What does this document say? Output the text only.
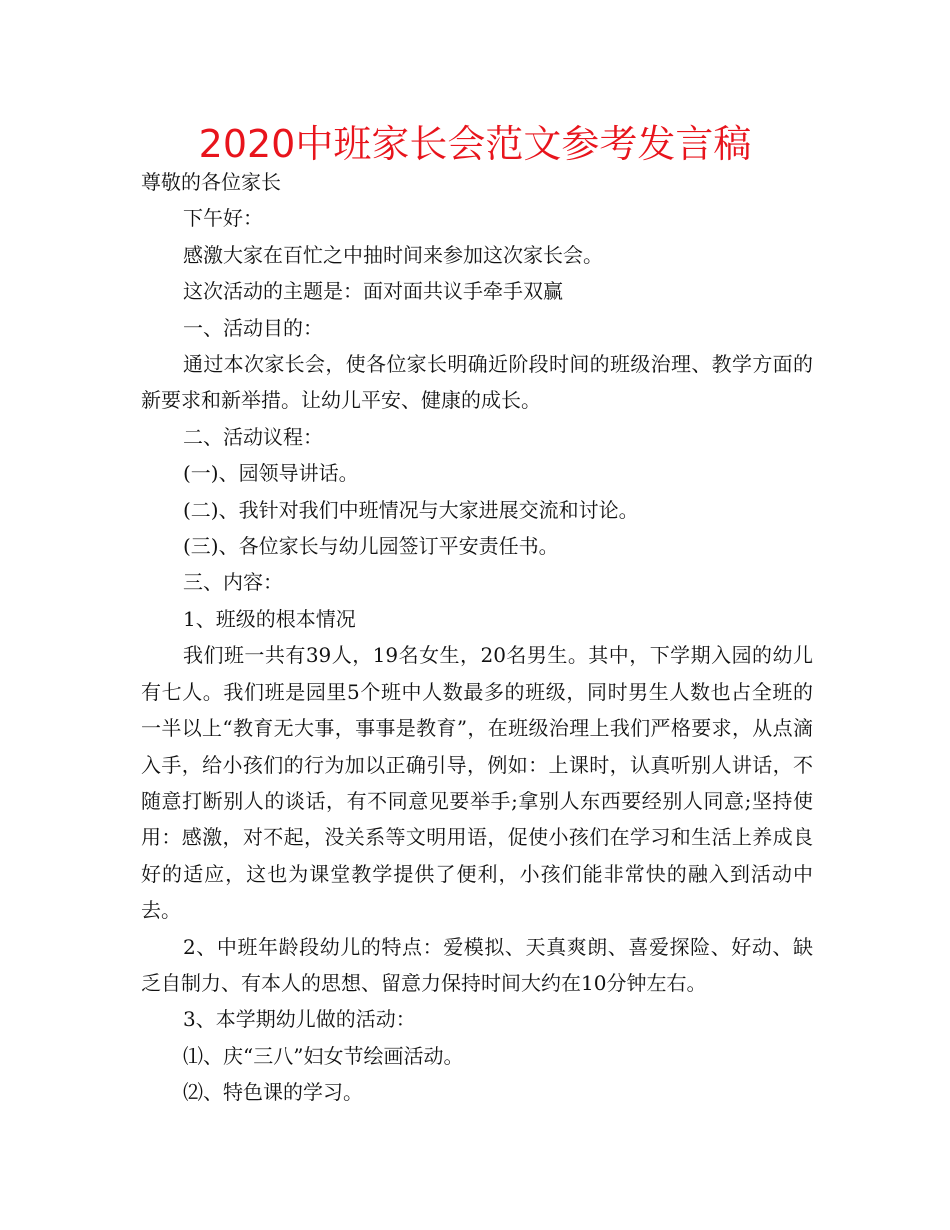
2020中班家长会范文参考发言稿

尊敬的各位家长

下午好：

感激大家在百忙之中抽时间来参加这次家长会。

这次活动的主题是：面对面共议手牵手双赢

一、活动目的：

通过本次家长会，使各位家长明确近阶段时间的班级治理、教学方面的新要求和新举措。让幼儿平安、健康的成长。

二、活动议程：

(一)、园领导讲话。

(二)、我针对我们中班情况与大家进展交流和讨论。

(三)、各位家长与幼儿园签订平安责任书。

三、内容：

1、班级的根本情况

我们班一共有39人，19名女生，20名男生。其中，下学期入园的幼儿有七人。我们班是园里5个班中人数最多的班级，同时男生人数也占全班的一半以上“教育无大事，事事是教育”，在班级治理上我们严格要求，从点滴入手，给小孩们的行为加以正确引导，例如：上课时，认真听别人讲话，不随意打断别人的谈话，有不同意见要举手;拿别人东西要经别人同意;坚持使用：感激，对不起，没关系等文明用语，促使小孩们在学习和生活上养成良好的适应，这也为课堂教学提供了便利，小孩们能非常快的融入到活动中去。

2、中班年龄段幼儿的特点：爱模拟、天真爽朗、喜爱探险、好动、缺乏自制力、有本人的思想、留意力保持时间大约在10分钟左右。

3、本学期幼儿做的活动：

⑴、庆“三八”妇女节绘画活动。

⑵、特色课的学习。
